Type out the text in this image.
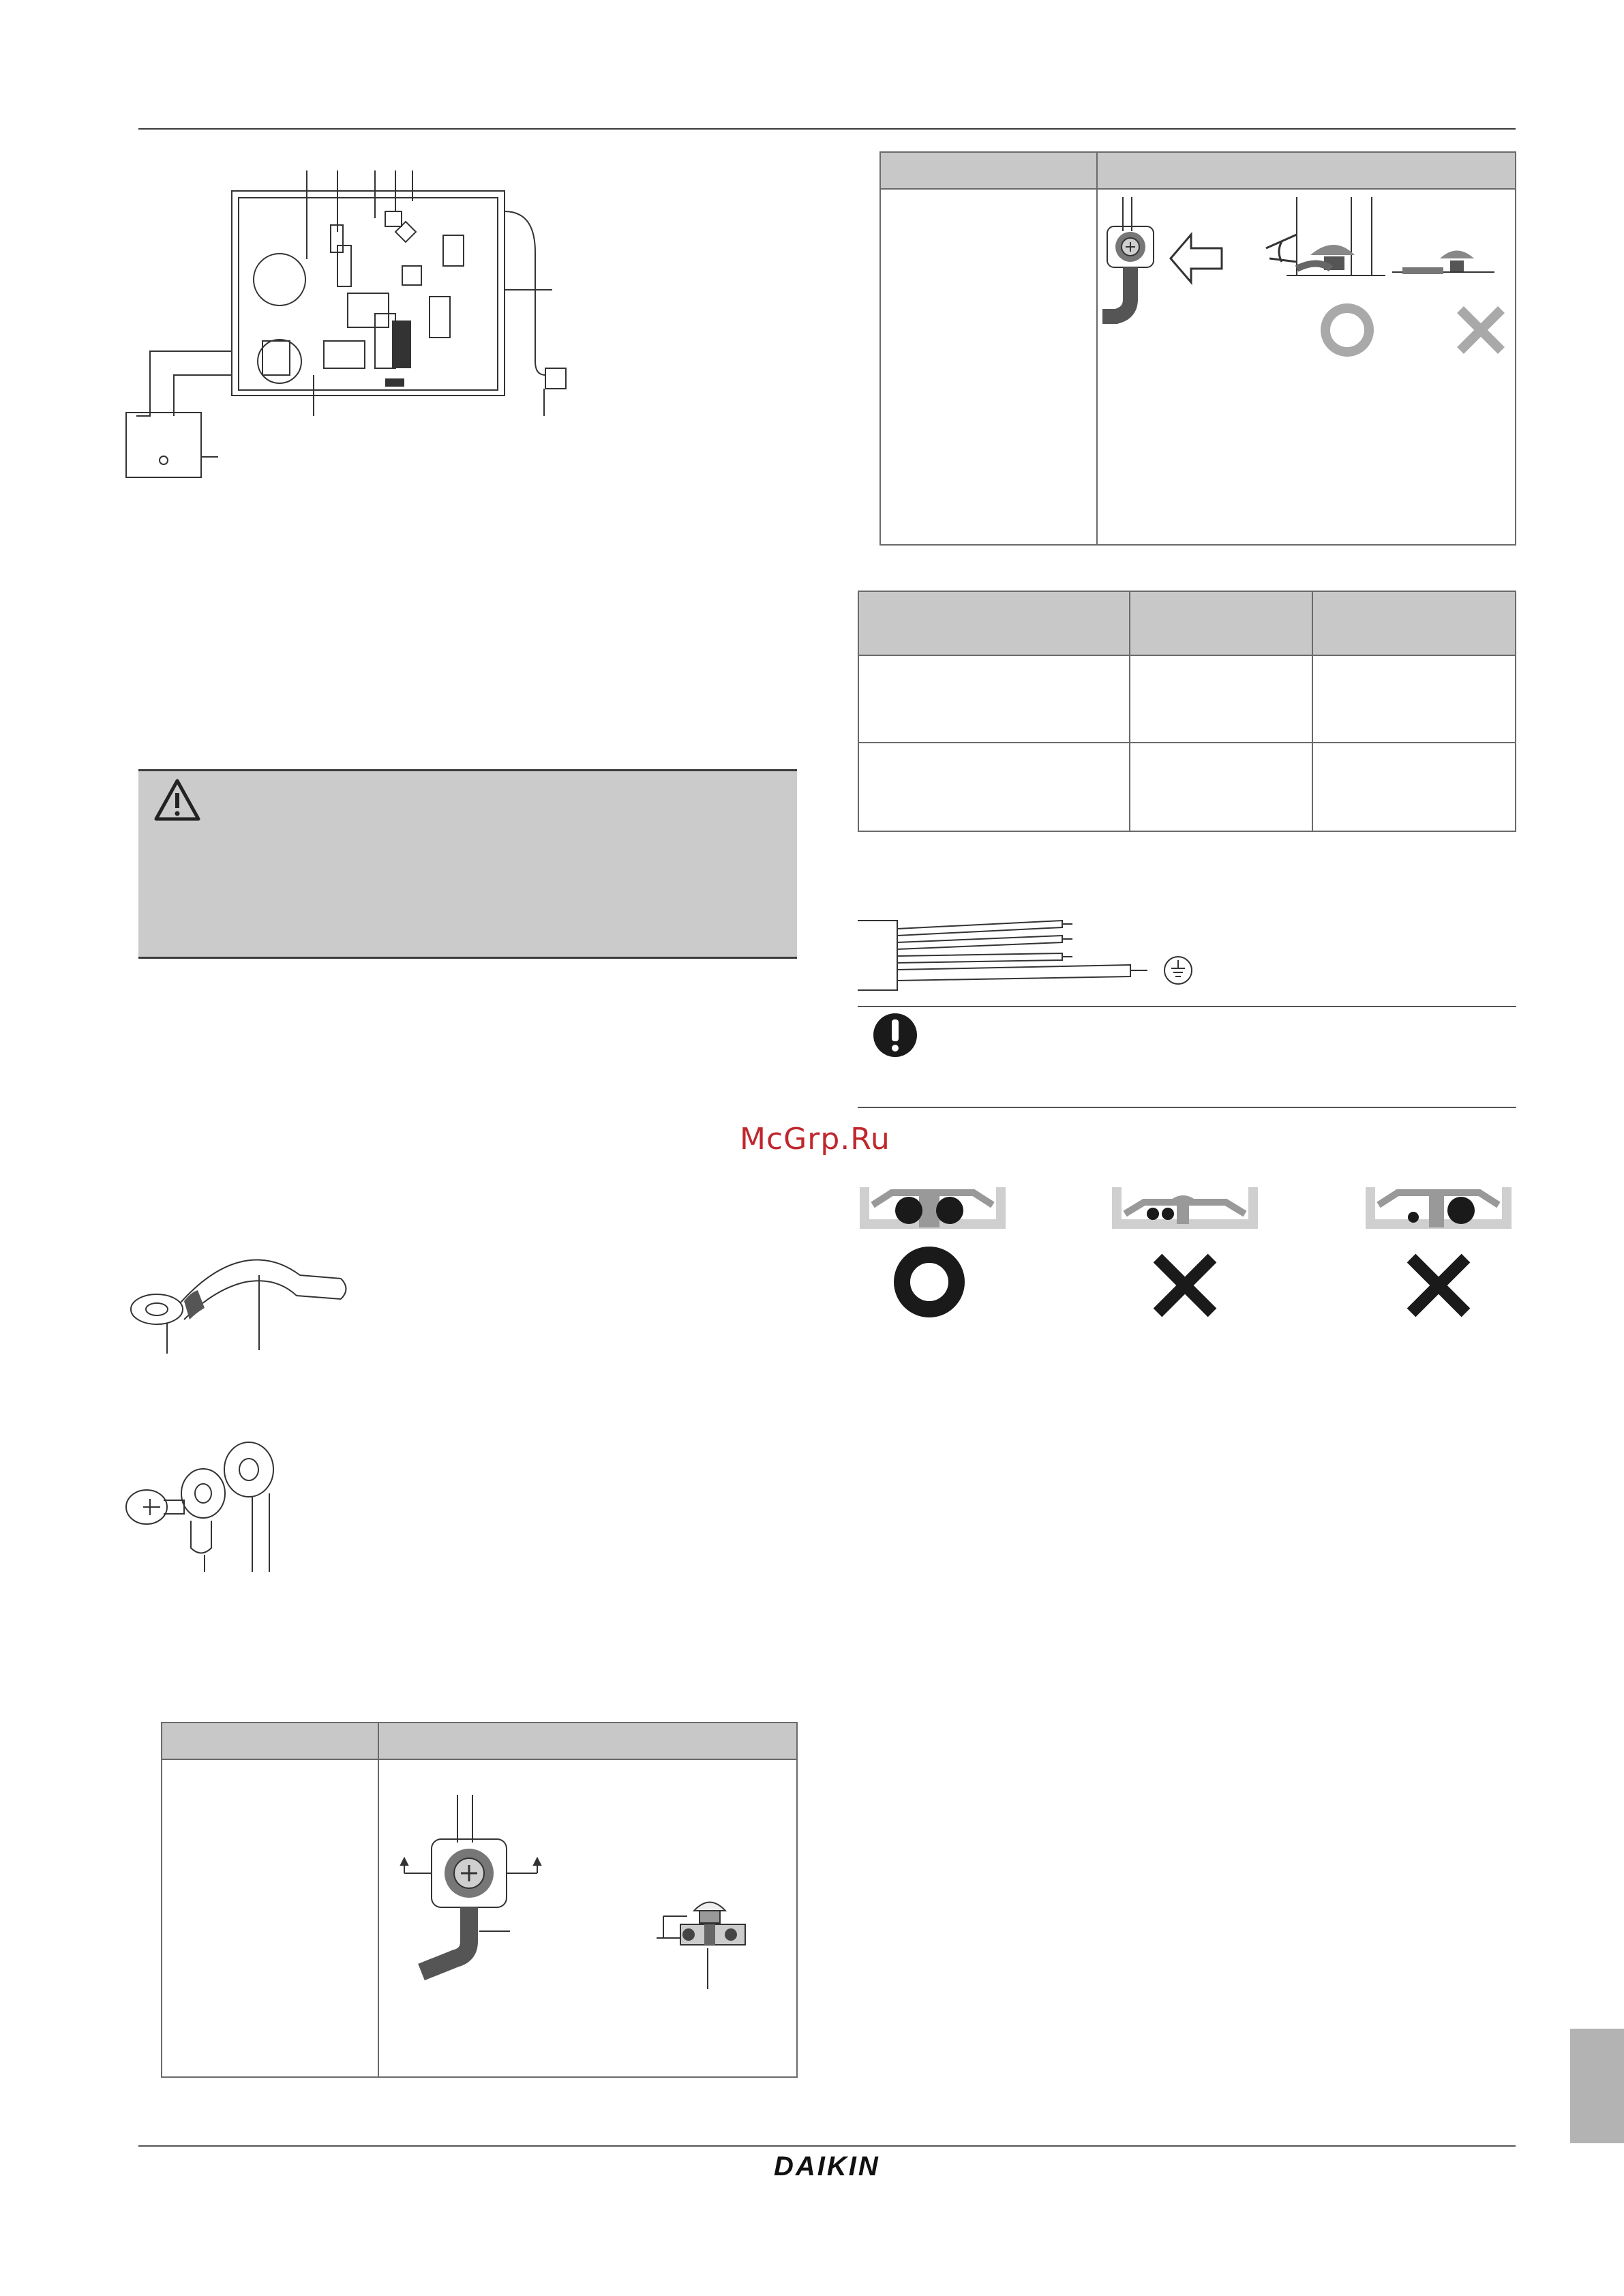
McGrp.Ru
DAIKIN
